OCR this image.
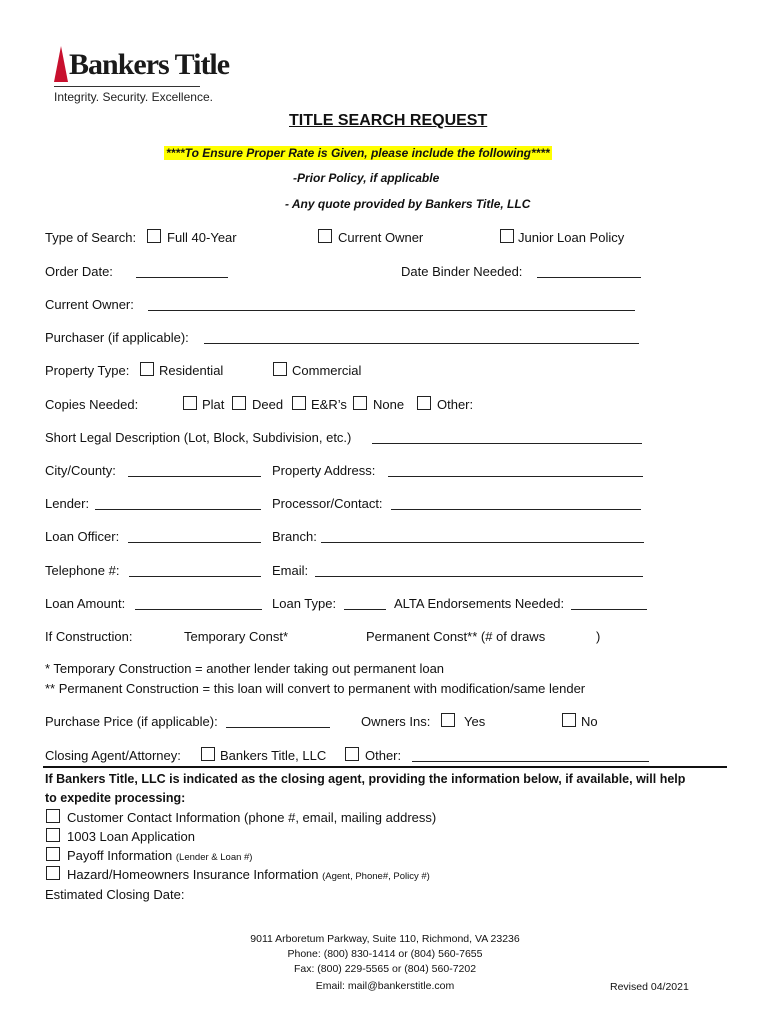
Bankers Title
Integrity. Security. Excellence.
TITLE SEARCH REQUEST
****To Ensure Proper Rate is Given, please include the following****
-Prior Policy, if applicable
- Any quote provided by Bankers Title, LLC
Type of Search: Full 40-Year	Current Owner	Junior Loan Policy
Order Date:	Date Binder Needed:
Current Owner:
Purchaser (if applicable):
Property Type: Residential	Commercial
Copies Needed:	Plat Deed E&R’s None	Other:
Short Legal Description (Lot, Block, Subdivision, etc.)
City/County:	Property Address:
Lender:	Processor/Contact:
Loan Officer:	Branch:
Telephone #:	Email:
Loan Amount:	Loan Type:	ALTA Endorsements Needed:
If Construction:	Temporary Const*	Permanent Const** (# of draws	)
* Temporary Construction = another lender taking out permanent loan
** Permanent Construction = this loan will convert to permanent with modification/same lender
Purchase Price (if applicable):	Owners Ins:	Yes	No
Closing Agent/Attorney:	Bankers Title, LLC	Other:
If Bankers Title, LLC is indicated as the closing agent, providing the information below, if available, will help
to expedite processing:
Customer Contact Information (phone #, email, mailing address)
1003 Loan Application
Payoff Information (Lender & Loan #)
Hazard/Homeowners Insurance Information (Agent, Phone#, Policy #)
Estimated Closing Date:
9011 Arboretum Parkway, Suite 110, Richmond, VA 23236
Phone: (800) 830-1414 or (804) 560-7655
Fax: (800) 229-5565 or (804) 560-7202
Email: mail@bankerstitle.com	Revised 04/2021
